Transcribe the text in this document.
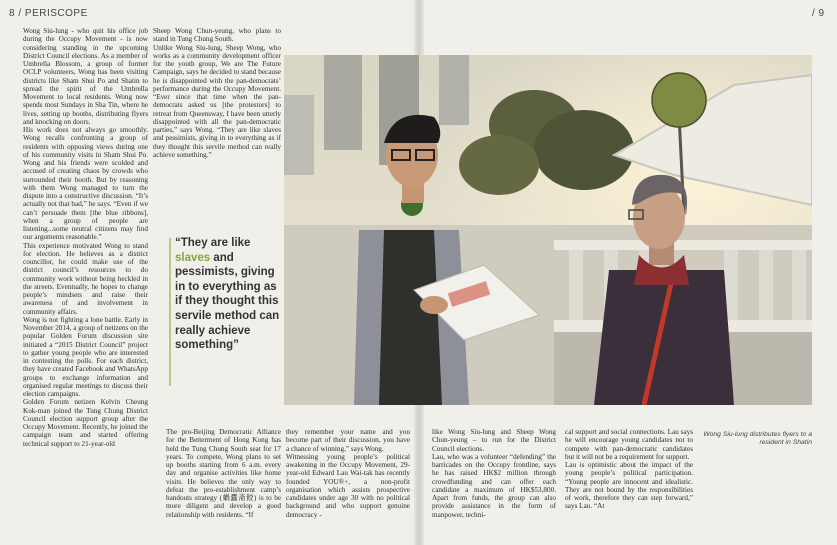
8 / PERISCOPE	/ 9
Wong Siu-lung - who quit his office job during the Occupy Movement - is now considering standing in the upcoming District Council elections. As a member of Umbrella Blossom, a group of former OCLP volunteers, Wong has been visiting districts like Sham Shui Po and Shatin to spread the spirit of the Umbrella Movement to local residents. Wong now spends most Sundays in Sha Tin, where he lives, setting up booths, distributing flyers and knocking on doors.
His work does not always go smoothly. Wong recalls confronting a group of residents with opposing views during one of his community visits in Sham Shui Po. Wong and his friends were scolded and accused of creating chaos by crowds who surrounded their booth. But by reasoning with them Wong managed to turn the dispute into a constructive discussion. “It’s actually not that bad,” he says. “Even if we can’t persuade them [the blue ribbons], when a group of people are listening...some neutral citizens may find our arguments reasonable.”
This experience motivated Wong to stand for election. He believes as a district councillor, he could make use of the district council’s resources to do community work without being heckled in the streets. Eventually, he hopes to change people’s mindsets and raise their awareness of and involvement in community affairs.
Wong is not fighting a lone battle. Early in November 2014, a group of netizens on the popular Golden Forum discussion site initiated a “2015 District Council” project to gather young people who are interested in contesting the polls. For each district, they have created Facebook and WhatsApp groups to exchange information and organised regular meetings to discuss their election campaigns.
Golden Forum netizen Kelvin Cheung Kok-man joined the Tung Chung District Council election support group after the Occupy Movement. Recently, he joined the campaign team and started offering technical support to 21-year-old
Sheep Wong Chun-yeung, who plans to stand in Tung Chung South.
Unlike Wong Siu-lung, Sheep Wong, who works as a community development officer for the youth group, We are The Future Campaign, says he decided to stand because he is disappointed with the pan-democrats’ performance during the Occupy Movement. “Ever since that time when the pan-democrats asked us [the protestors] to retreat from Queensway, I have been utterly disappointed with all the pan-democratic parties,” says Wong. “They are like slaves and pessimists, giving in to everything as if they thought this servile method can really achieve something.”
“They are like slaves and pessimists, giving in to everything as if they thought this servile method can really achieve something”
The pro-Beijing Democratic Alliance for the Betterment of Hong Kong has held the Tung Chung South seat for 17 years. To compete, Wong plans to set up booths starting from 6 a.m. every day and organise activities like home visits. He believes the only way to defeat the pro-establishment camp’s handouts strategy (蝸蠹斋餃) is to be more diligent and develop a good relationship with residents. “If
Wong Siu-lung distributes flyers to a resident in Shatin
they remember your name and you become part of their discussion, you have a chance of winning,” says Wong.
Witnessing young people’s political awakening in the Occupy Movement, 29-year-old Edward Lau Wai-tak has recently founded YOU®+, a non-profit organisation which assists prospective candidates under age 30 with no political background and who support genuine democracy -
like Wong Siu-lung and Sheep Wong Chun-yeung – to run for the District Council elections.
Lau, who was a volunteer “defending” the barricades on the Occupy frontline, says he has raised HK$2 million through crowdfunding and can offer each candidate a maximum of HK$53,800. Apart from funds, the group can also provide assistance in the form of manpower, techni-
cal support and social connections. Lau says he will encourage young candidates not to compete with pan-democratic candidates but it will not be a requirement for support.
Lau is optimistic about the impact of the young people’s political participation. “Young people are innocent and idealistic. They are not bound by the responsibilities of work, therefore they can step forward,” says Lau. “At
